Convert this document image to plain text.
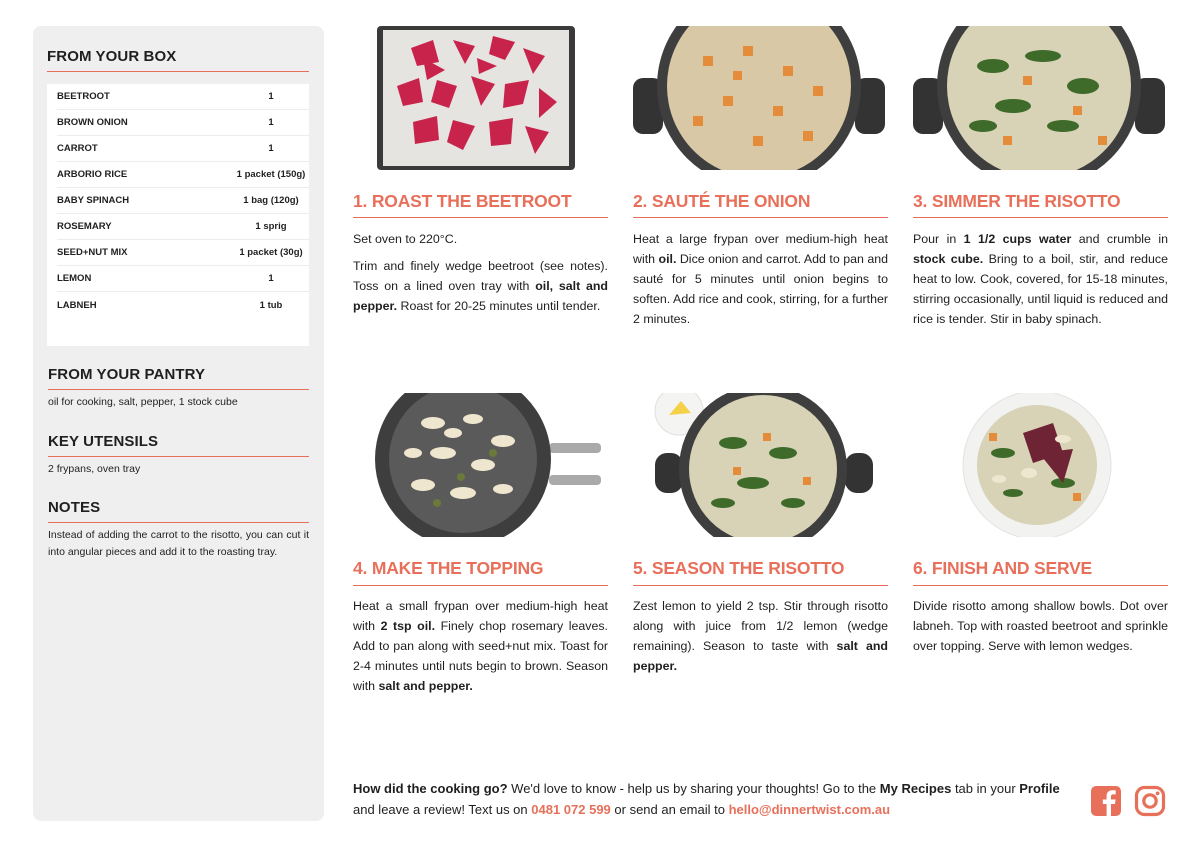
FROM YOUR BOX
BEETROOT	1
BROWN ONION	1
CARROT	1
ARBORIO RICE	1 packet (150g)
BABY SPINACH	1 bag (120g)
ROSEMARY	1 sprig
SEED+NUT MIX	1 packet (30g)
LEMON	1
LABNEH	1 tub
FROM YOUR PANTRY
oil for cooking, salt, pepper, 1 stock cube
KEY UTENSILS
2 frypans, oven tray
NOTES
Instead of adding the carrot to the risotto, you can cut it into angular pieces and add it to the roasting tray.
1. ROAST THE BEETROOT

Set oven to 220°C.

Trim and finely wedge beetroot (see notes). Toss on a lined oven tray with oil, salt and pepper. Roast for 20-25 minutes until tender.

2. SAUTÉ THE ONION

Heat a large frypan over medium-high heat with oil. Dice onion and carrot. Add to pan and sauté for 5 minutes until onion begins to soften. Add rice and cook, stirring, for a further 2 minutes.

3. SIMMER THE RISOTTO

Pour in 1 1/2 cups water and crumble in stock cube. Bring to a boil, stir, and reduce heat to low. Cook, covered, for 15-18 minutes, stirring occasionally, until liquid is reduced and rice is tender. Stir in baby spinach.

4. MAKE THE TOPPING

Heat a small frypan over medium-high heat with 2 tsp oil. Finely chop rosemary leaves. Add to pan along with seed+nut mix. Toast for 2-4 minutes until nuts begin to brown. Season with salt and pepper.

5. SEASON THE RISOTTO

Zest lemon to yield 2 tsp. Stir through risotto along with juice from 1/2 lemon (wedge remaining). Season to taste with salt and pepper.

6. FINISH AND SERVE

Divide risotto among shallow bowls. Dot over labneh. Top with roasted beetroot and sprinkle over topping. Serve with lemon wedges.

How did the cooking go? We'd love to know - help us by sharing your thoughts! Go to the My Recipes tab in your Profile and leave a review! Text us on 0481 072 599 or send an email to hello@dinnertwist.com.au
